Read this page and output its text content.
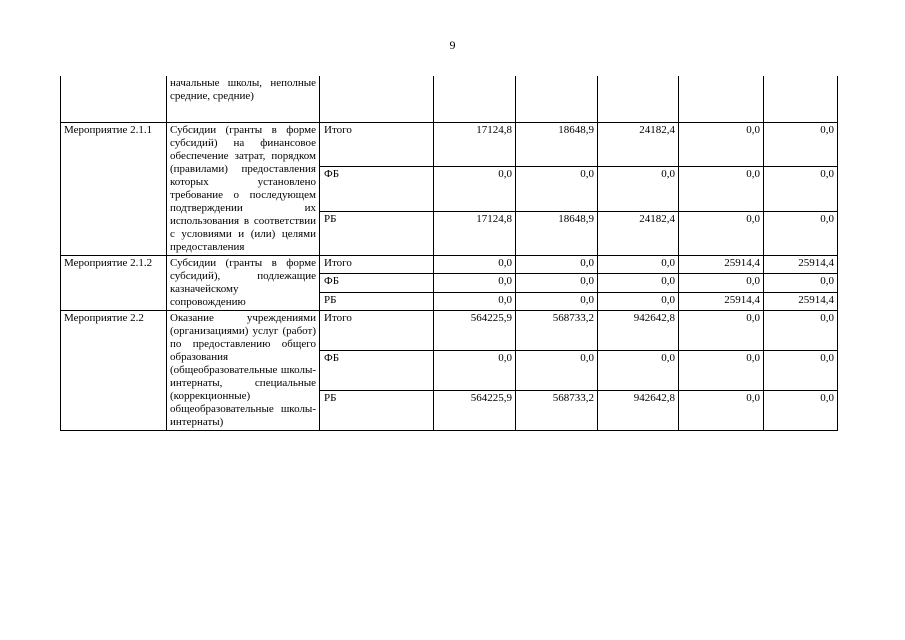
9
	начальные школы, неполные средние, средние)						
Мероприятие 2.1.1	Субсидии (гранты в форме субсидий) на финансовое обеспечение затрат, порядком (правилами) предоставления которых установлено требование о последующем подтверждении их использования в соответствии с условиями и (или) целями предоставления	Итого	17124,8	18648,9	24182,4	0,0	0,0
		ФБ	0,0	0,0	0,0	0,0	0,0
		РБ	17124,8	18648,9	24182,4	0,0	0,0
Мероприятие 2.1.2	Субсидии (гранты в форме субсидий), подлежащие казначейскому сопровождению	Итого	0,0	0,0	0,0	25914,4	25914,4
		ФБ	0,0	0,0	0,0	0,0	0,0
		РБ	0,0	0,0	0,0	25914,4	25914,4
Мероприятие 2.2	Оказание учреждениями (организациями) услуг (работ) по предоставлению общего образования (общеобразовательные школы-интернаты, специальные (коррекционные) общеобразовательные школы-интернаты)	Итого	564225,9	568733,2	942642,8	0,0	0,0
		ФБ	0,0	0,0	0,0	0,0	0,0
		РБ	564225,9	568733,2	942642,8	0,0	0,0
